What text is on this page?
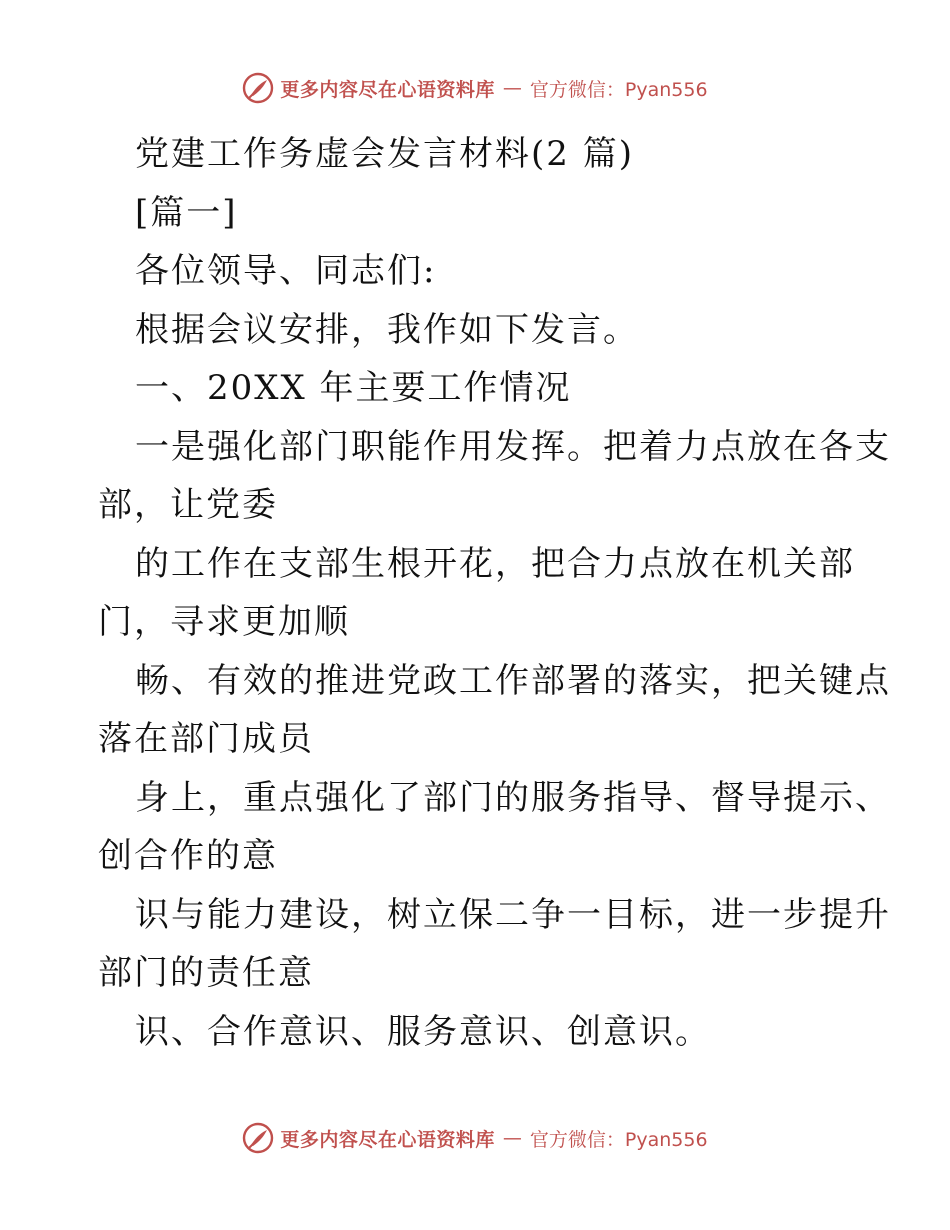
更多内容尽在心语资料库 — 官方微信：Pyan556
党建工作务虚会发言材料(2 篇)
[篇一]
各位领导、同志们:
根据会议安排，我作如下发言。
一、20XX 年主要工作情况
一是强化部门职能作用发挥。把着力点放在各支
部，让党委
的工作在支部生根开花，把合力点放在机关部
门，寻求更加顺
畅、有效的推进党政工作部署的落实，把关键点
落在部门成员
身上，重点强化了部门的服务指导、督导提示、
创合作的意
识与能力建设，树立保二争一目标，进一步提升
部门的责任意
识、合作意识、服务意识、创意识。
更多内容尽在心语资料库 — 官方微信：Pyan556
